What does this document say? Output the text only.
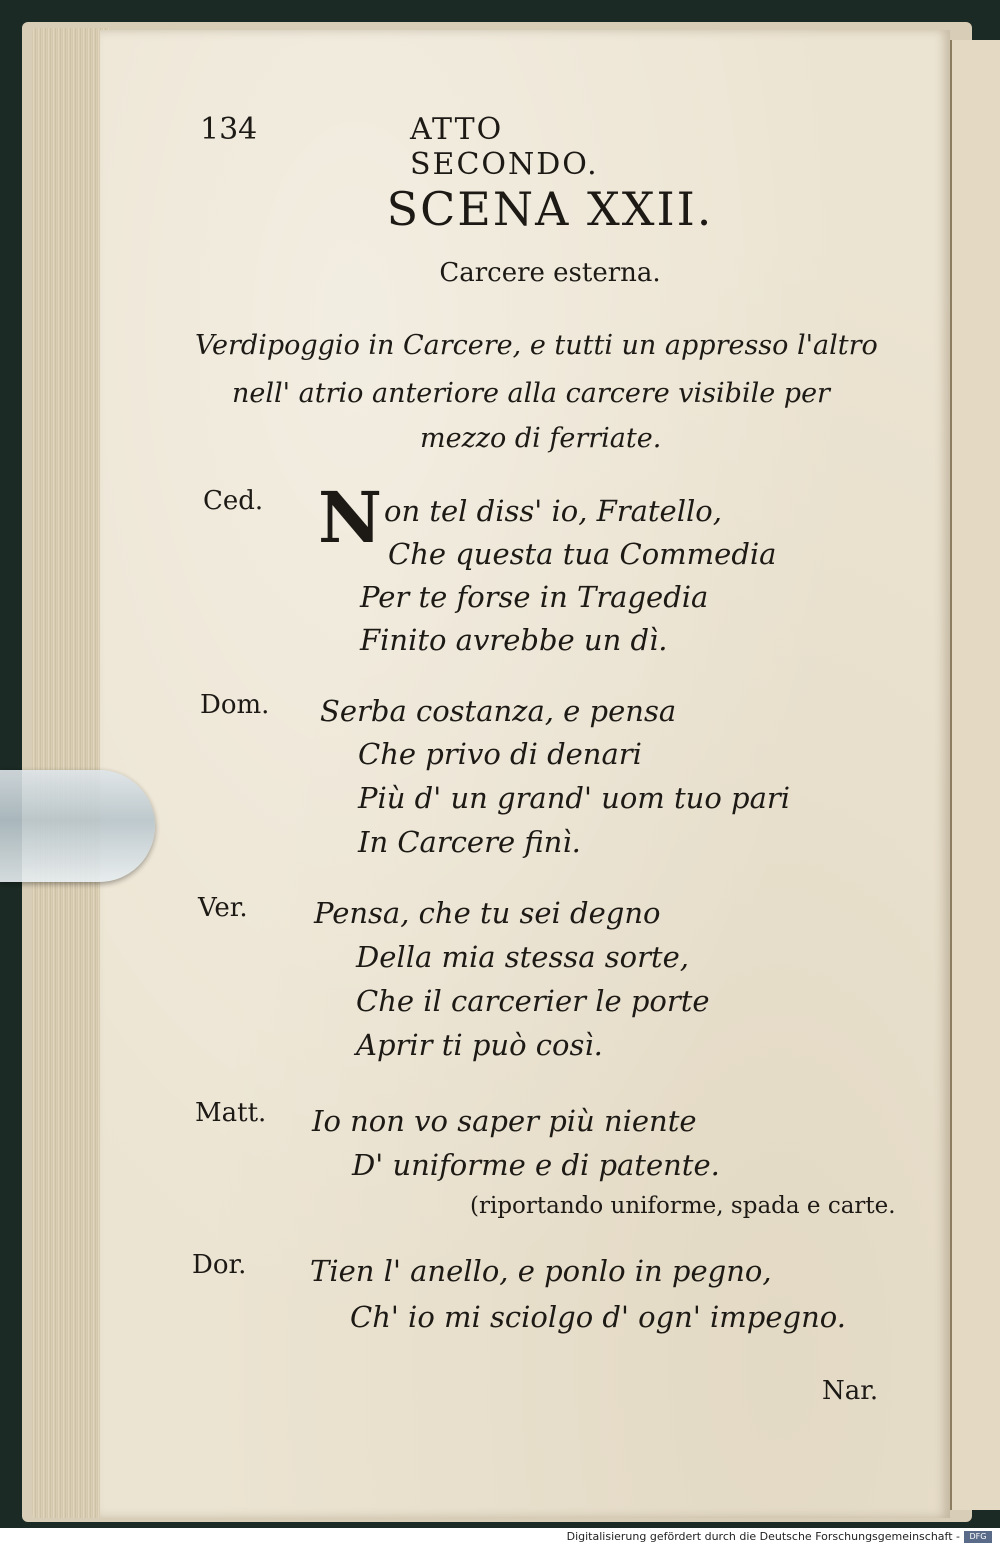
134	ATTO SECONDO.
SCENA XXII.
Carcere esterna.
Verdipoggio in Carcere, e tutti un appresso l'altro
nell' atrio anteriore alla carcere visibile per
mezzo di ferriate.
Ced. N on tel diss' io, Fratello,
Che questa tua Commedia
Per te forse in Tragedia
Finito avrebbe un dì.
Dom. Serba costanza, e pensa
Che privo di denari
Più d' un grand' uom tuo pari
In Carcere finì.
Ver. Pensa, che tu sei degno
Della mia stessa sorte,
Che il carcerier le porte
Aprir ti può così.
Matt. Io non vo saper più niente
D' uniforme e di patente.
(riportando uniforme, spada e carte.
Dor. Tien l' anello, e ponlo in pegno,
Ch' io mi sciolgo d' ogn' impegno.
Nar.
Digitalisierung gefördert durch die Deutsche Forschungsgemeinschaft -	DFG
